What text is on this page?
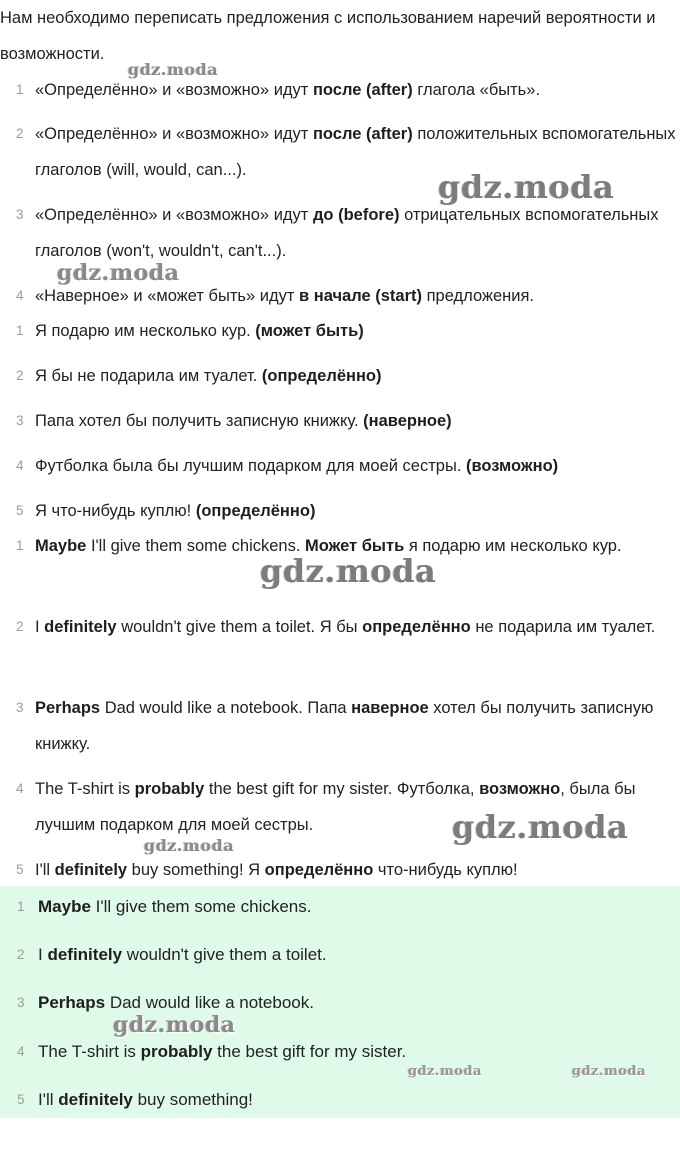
Нам необходимо переписать предложения с использованием наречий вероятности и возможности.

1 «Определённо» и «возможно» идут после (after) глагола «быть».
2 «Определённо» и «возможно» идут после (after) положительных вспомогательных глаголов (will, would, can...).
3 «Определённо» и «возможно» идут до (before) отрицательных вспомогательных глаголов (won't, wouldn't, can't...).
4 «Наверное» и «может быть» идут в начале (start) предложения.
1 Я подарю им несколько кур. (может быть)
2 Я бы не подарила им туалет. (определённо)
3 Папа хотел бы получить записную книжку. (наверное)
4 Футболка была бы лучшим подарком для моей сестры. (возможно)
5 Я что-нибудь куплю! (определённо)
1 Maybe I'll give them some chickens. Может быть я подарю им несколько кур.
2 I definitely wouldn't give them a toilet. Я бы определённо не подарила им туалет.
3 Perhaps Dad would like a notebook. Папа наверное хотел бы получить записную книжку.
4 The T-shirt is probably the best gift for my sister. Футболка, возможно, была бы лучшим подарком для моей сестры.
5 I'll definitely buy something! Я определённо что-нибудь куплю!
1 Maybe I'll give them some chickens.
2 I definitely wouldn't give them a toilet.
3 Perhaps Dad would like a notebook.
4 The T-shirt is probably the best gift for my sister.
5 I'll definitely buy something!
gdz.moda
gdz.moda
gdz.moda
gdz.moda
gdz.moda
gdz.moda
gdz.moda
gdz.moda	gdz.moda
